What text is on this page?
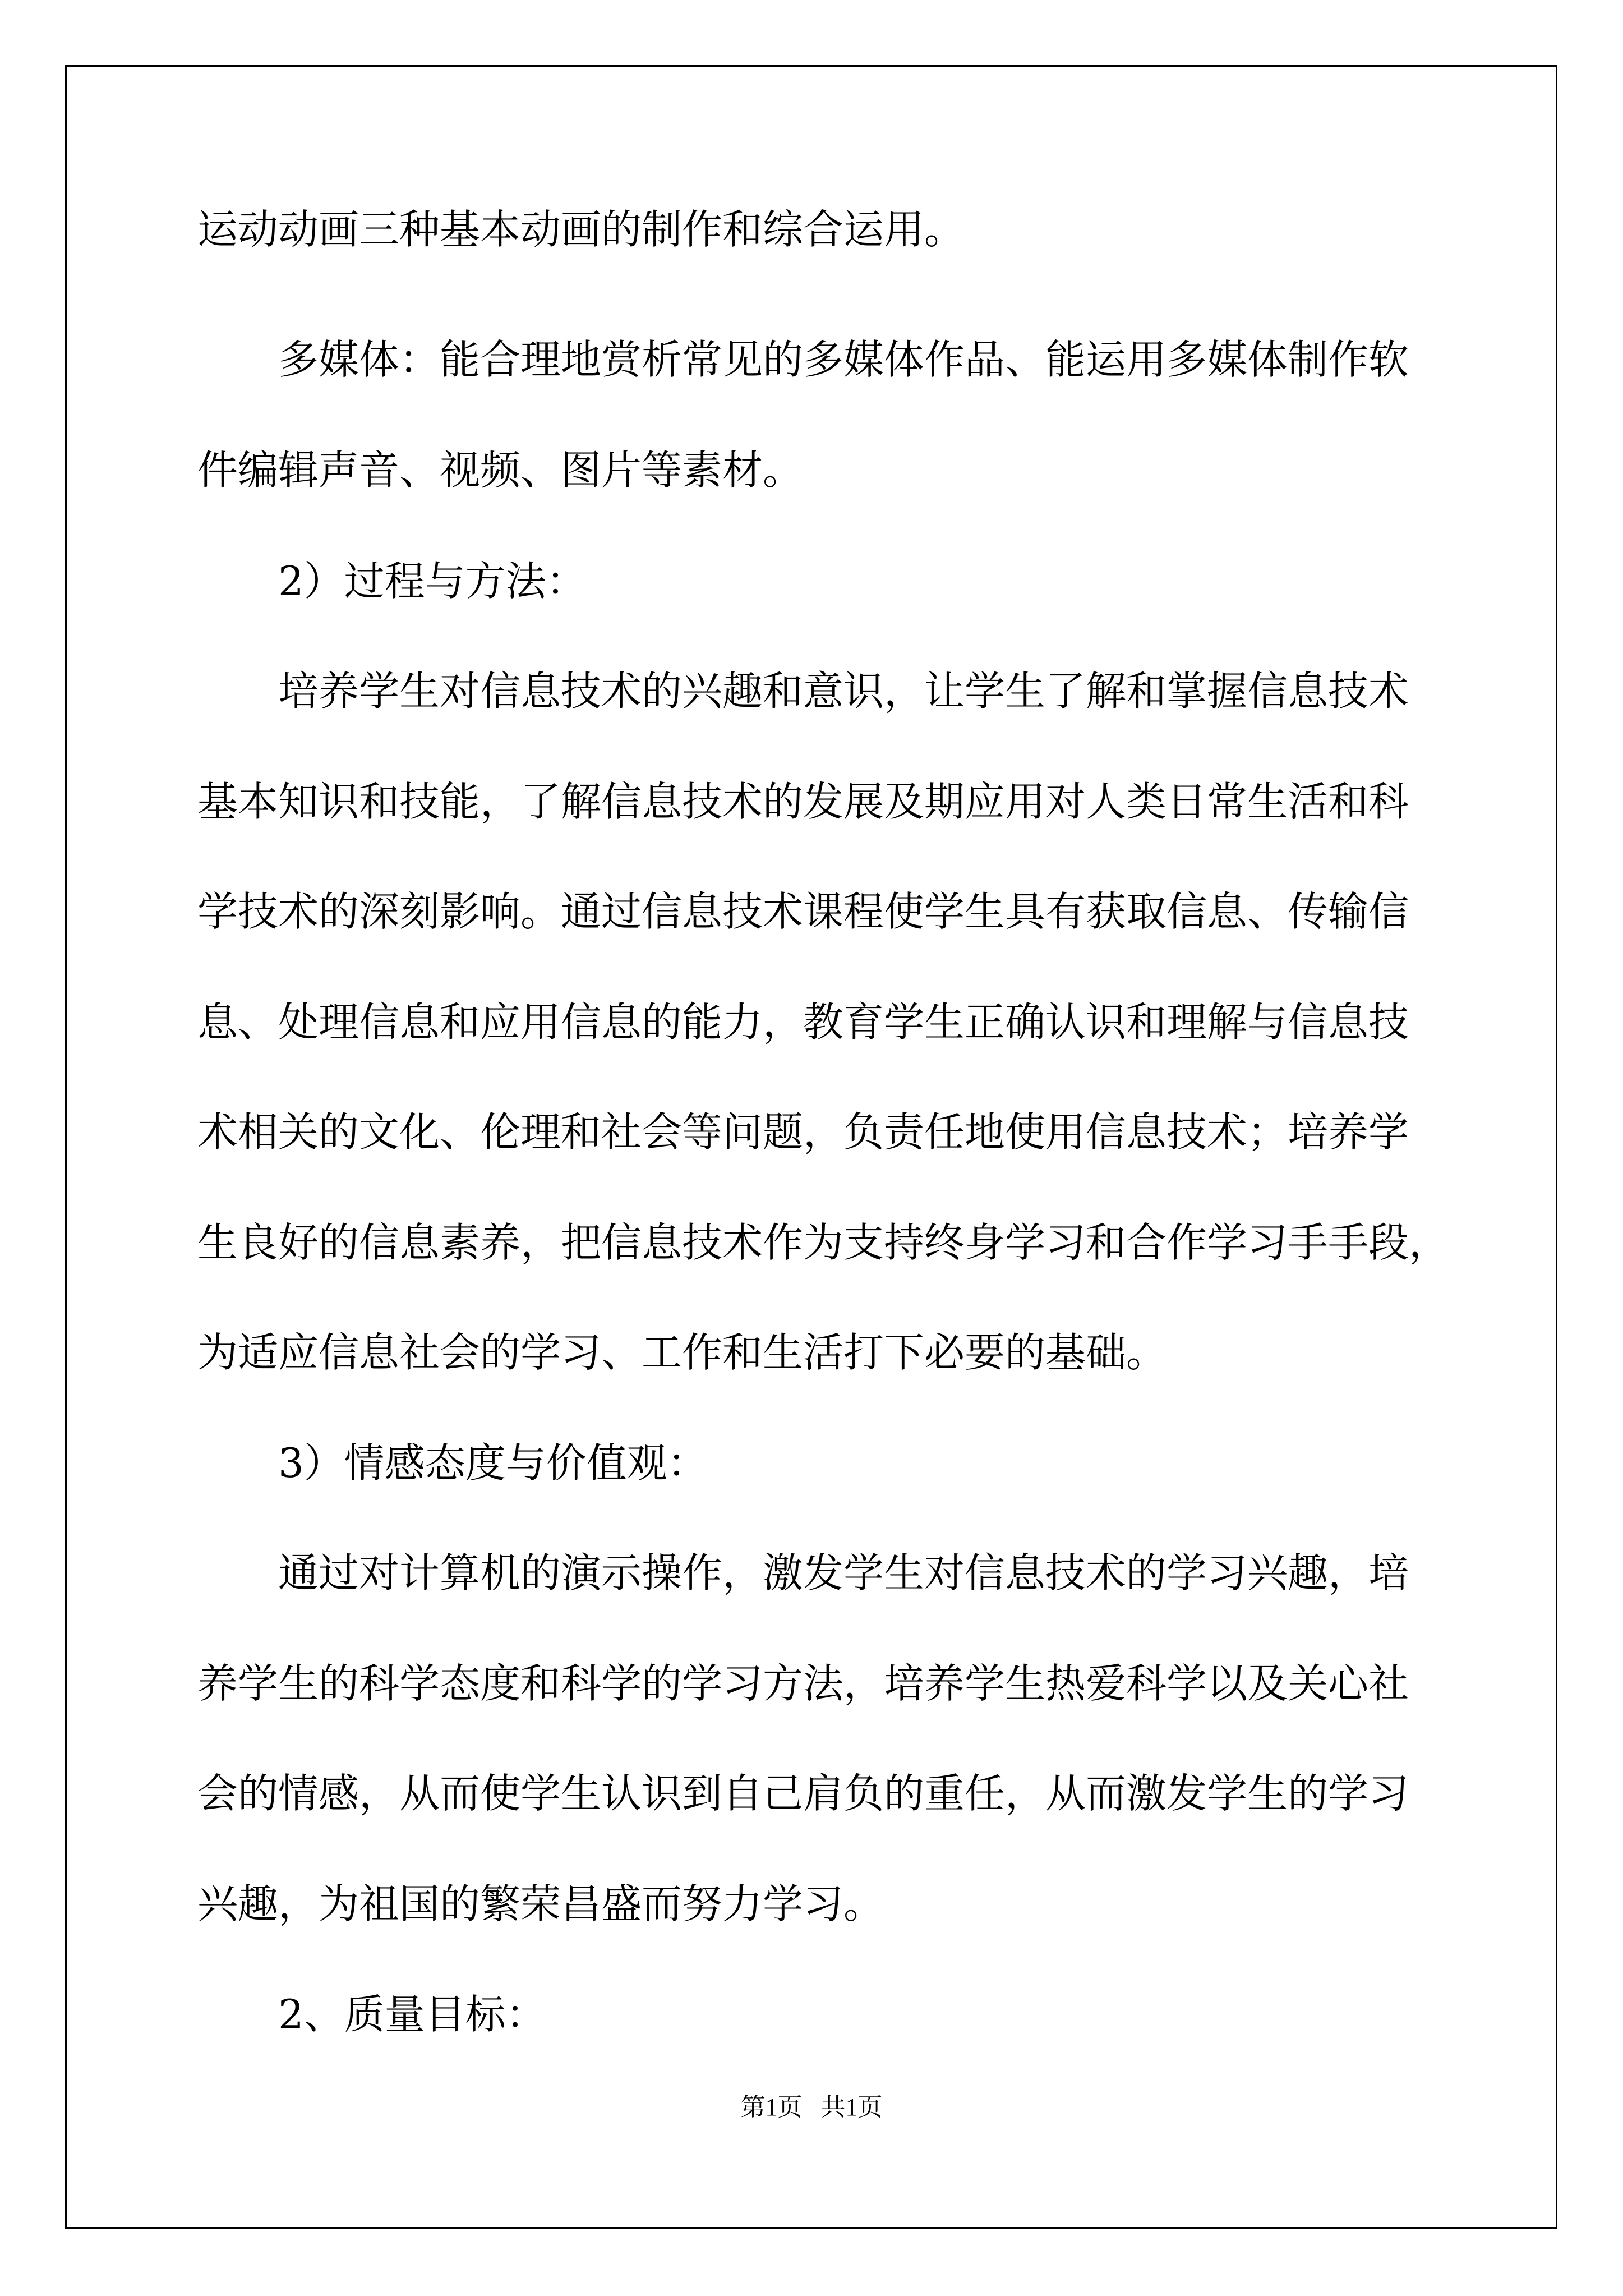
运动动画三种基本动画的制作和综合运用。

多媒体：能合理地赏析常见的多媒体作品、能运用多媒体制作软

件编辑声音、视频、图片等素材。

2）过程与方法：

培养学生对信息技术的兴趣和意识，让学生了解和掌握信息技术

基本知识和技能，了解信息技术的发展及期应用对人类日常生活和科

学技术的深刻影响。通过信息技术课程使学生具有获取信息、传输信

息、处理信息和应用信息的能力，教育学生正确认识和理解与信息技

术相关的文化、伦理和社会等问题，负责任地使用信息技术；培养学

生良好的信息素养，把信息技术作为支持终身学习和合作学习手手段，

为适应信息社会的学习、工作和生活打下必要的基础。

3）情感态度与价值观：

通过对计算机的演示操作，激发学生对信息技术的学习兴趣，培

养学生的科学态度和科学的学习方法，培养学生热爱科学以及关心社

会的情感，从而使学生认识到自己肩负的重任，从而激发学生的学习

兴趣，为祖国的繁荣昌盛而努力学习。

2、质量目标：

第1页   共1页
